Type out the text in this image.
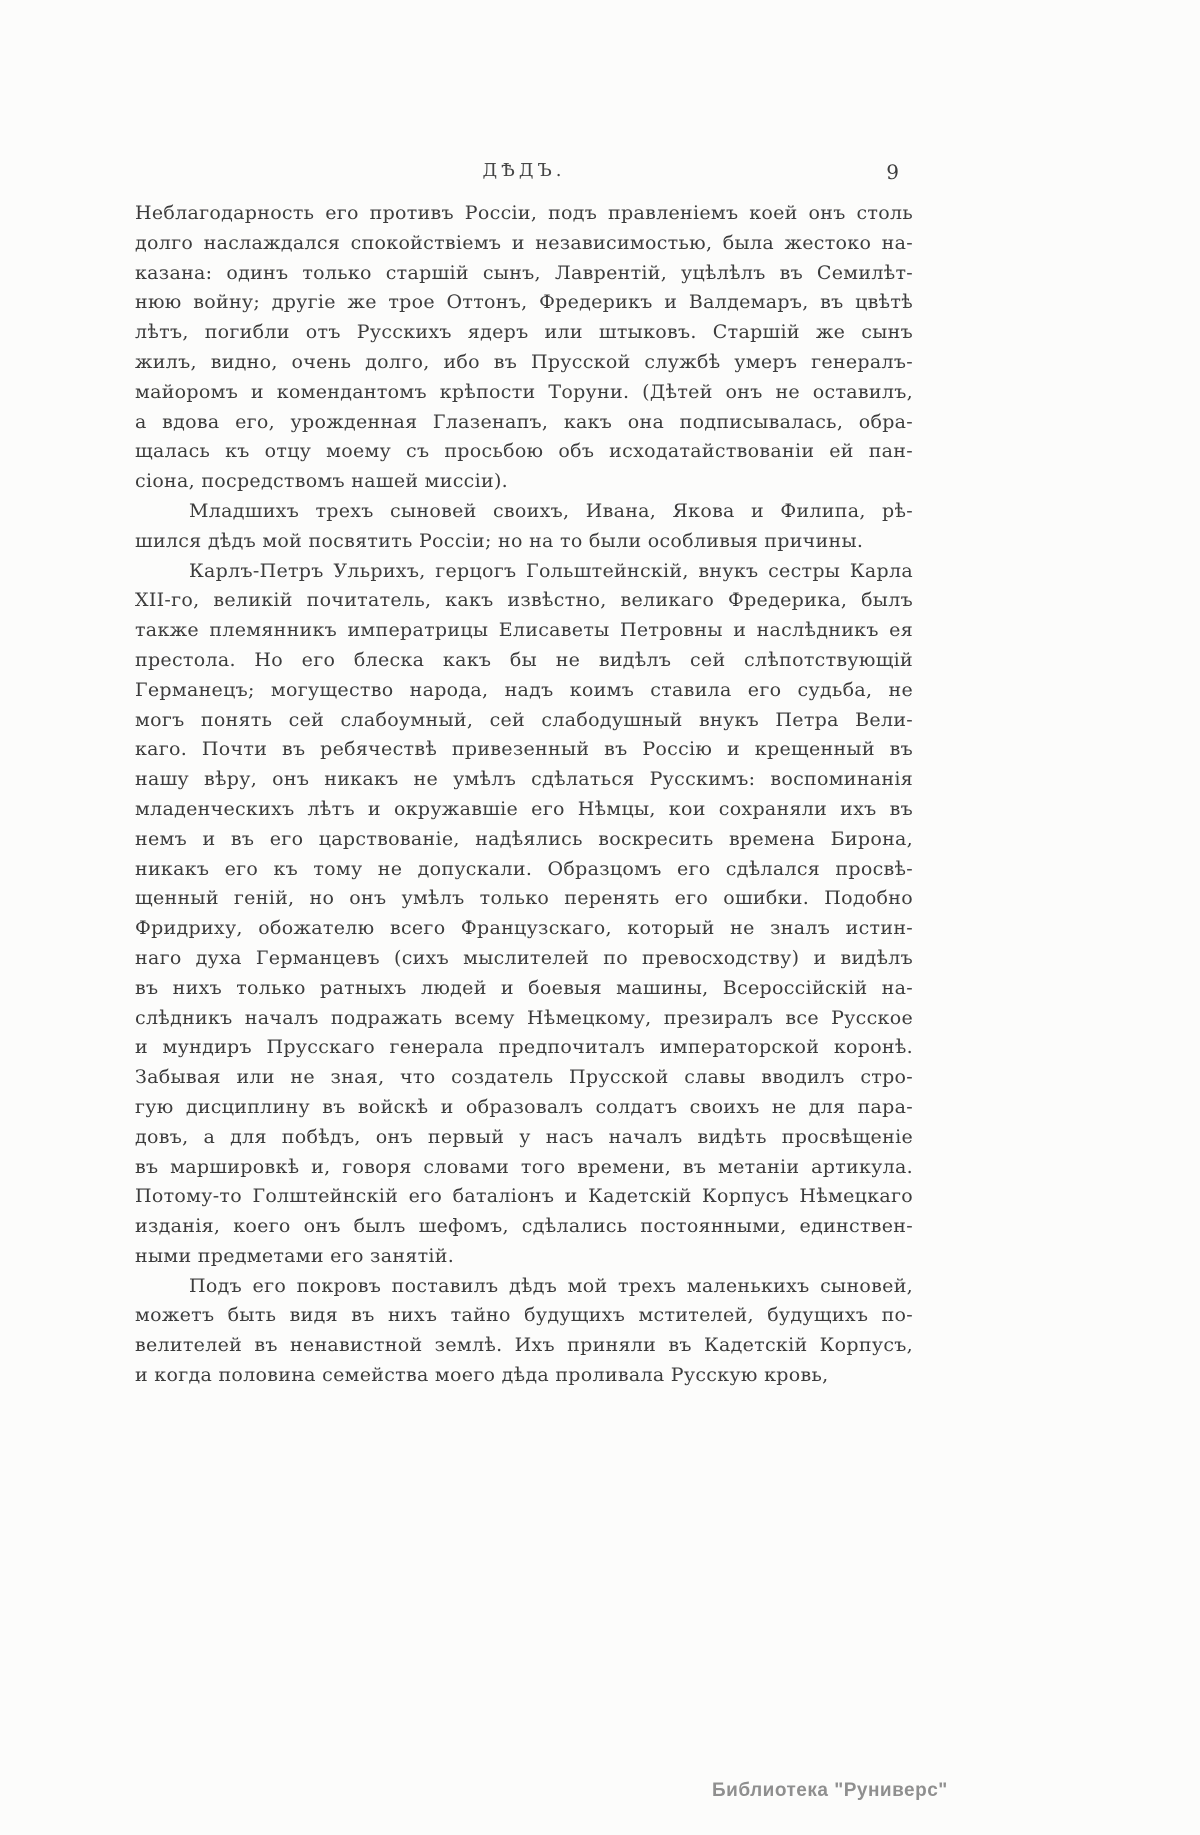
ДѢДЪ.	9
Неблагодарность его противъ Россіи, подъ правленіемъ коей онъ столь
долго наслаждался спокойствіемъ и независимостью, была жестоко на-
казана: одинъ только старшій сынъ, Лаврентій, уцѣлѣлъ въ Семилѣт-
нюю войну; другіе же трое Оттонъ, Фредерикъ и Валдемаръ, въ цвѣтѣ
лѣтъ, погибли отъ Русскихъ ядеръ или штыковъ. Старшій же сынъ
жилъ, видно, очень долго, ибо въ Прусской службѣ умеръ генералъ-
майоромъ и комендантомъ крѣпости Торуни. (Дѣтей онъ не оставилъ,
а вдова его, урожденная Глазенапъ, какъ она подписывалась, обра-
щалась къ отцу моему съ просьбою объ исходатайствованіи ей пан-
сіона, посредствомъ нашей миссіи).
Младшихъ трехъ сыновей своихъ, Ивана, Якова и Филипа, рѣ-
шился дѣдъ мой посвятить Россіи; но на то были особливыя причины.
Карлъ-Петръ Ульрихъ, герцогъ Гольштейнскій, внукъ сестры Карла
XII-го, великій почитатель, какъ извѣстно, великаго Фредерика, былъ
также племянникъ императрицы Елисаветы Петровны и наслѣдникъ ея
престола. Но его блеска какъ бы не видѣлъ сей слѣпотствующій
Германецъ; могущество народа, надъ коимъ ставила его судьба, не
могъ понять сей слабоумный, сей слабодушный внукъ Петра Вели-
каго. Почти въ ребячествѣ привезенный въ Россію и крещенный въ
нашу вѣру, онъ никакъ не умѣлъ сдѣлаться Русскимъ: воспоминанія
младенческихъ лѣтъ и окружавшіе его Нѣмцы, кои сохраняли ихъ въ
немъ и въ его царствованіе, надѣялись воскресить времена Бирона,
никакъ его къ тому не допускали. Образцомъ его сдѣлался просвѣ-
щенный геній, но онъ умѣлъ только перенять его ошибки. Подобно
Фридриху, обожателю всего Французскаго, который не зналъ истин-
наго духа Германцевъ (сихъ мыслителей по превосходству) и видѣлъ
въ нихъ только ратныхъ людей и боевыя машины, Всероссійскій на-
слѣдникъ началъ подражать всему Нѣмецкому, презиралъ все Русское
и мундиръ Прусскаго генерала предпочиталъ императорской коронѣ.
Забывая или не зная, что создатель Прусской славы вводилъ стро-
гую дисциплину въ войскѣ и образовалъ солдатъ своихъ не для пара-
довъ, а для побѣдъ, онъ первый у насъ началъ видѣть просвѣщеніе
въ маршировкѣ и, говоря словами того времени, въ метаніи артикула.
Потому-то Голштейнскій его баталіонъ и Кадетскій Корпусъ Нѣмецкаго
изданія, коего онъ былъ шефомъ, сдѣлались постоянными, единствен-
ными предметами его занятій.
Подъ его покровъ поставилъ дѣдъ мой трехъ маленькихъ сыновей,
можетъ быть видя въ нихъ тайно будущихъ мстителей, будущихъ по-
велителей въ ненавистной землѣ. Ихъ приняли въ Кадетскій Корпусъ,
и когда половина семейства моего дѣда проливала Русскую кровь,
Библиотека "Руниверс"
